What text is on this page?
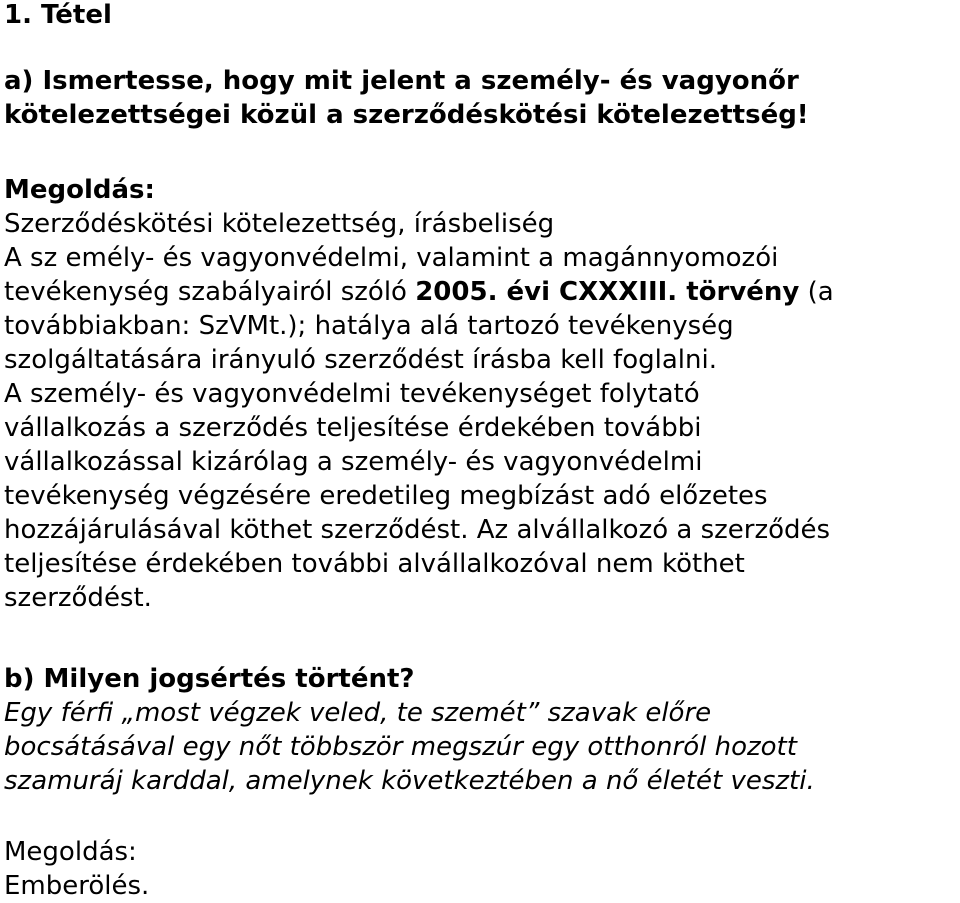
1. Tétel
a) Ismertesse, hogy mit jelent a személy- és vagyonőr
kötelezettségei közül a szerződéskötési kötelezettség!
Megoldás:
Szerződéskötési kötelezettség, írásbeliség
A sz emély- és vagyonvédelmi, valamint a magánnyomozói
tevékenység szabályairól szóló 2005. évi CXXXIII. törvény (a
továbbiakban: SzVMt.); hatálya alá tartozó tevékenység
szolgáltatására irányuló szerződést írásba kell foglalni.
A személy- és vagyonvédelmi tevékenységet folytató
vállalkozás a szerződés teljesítése érdekében további
vállalkozással kizárólag a személy- és vagyonvédelmi
tevékenység végzésére eredetileg megbízást adó előzetes
hozzájárulásával köthet szerződést. Az alvállalkozó a szerződés
teljesítése érdekében további alvállalkozóval nem köthet
szerződést.
b) Milyen jogsértés történt?
Egy férfi „most végzek veled, te szemét” szavak előre
bocsátásával egy nőt többször megszúr egy otthonról hozott
szamuráj karddal, amelynek következtében a nő életét veszti.
Megoldás:
Emberölés.
